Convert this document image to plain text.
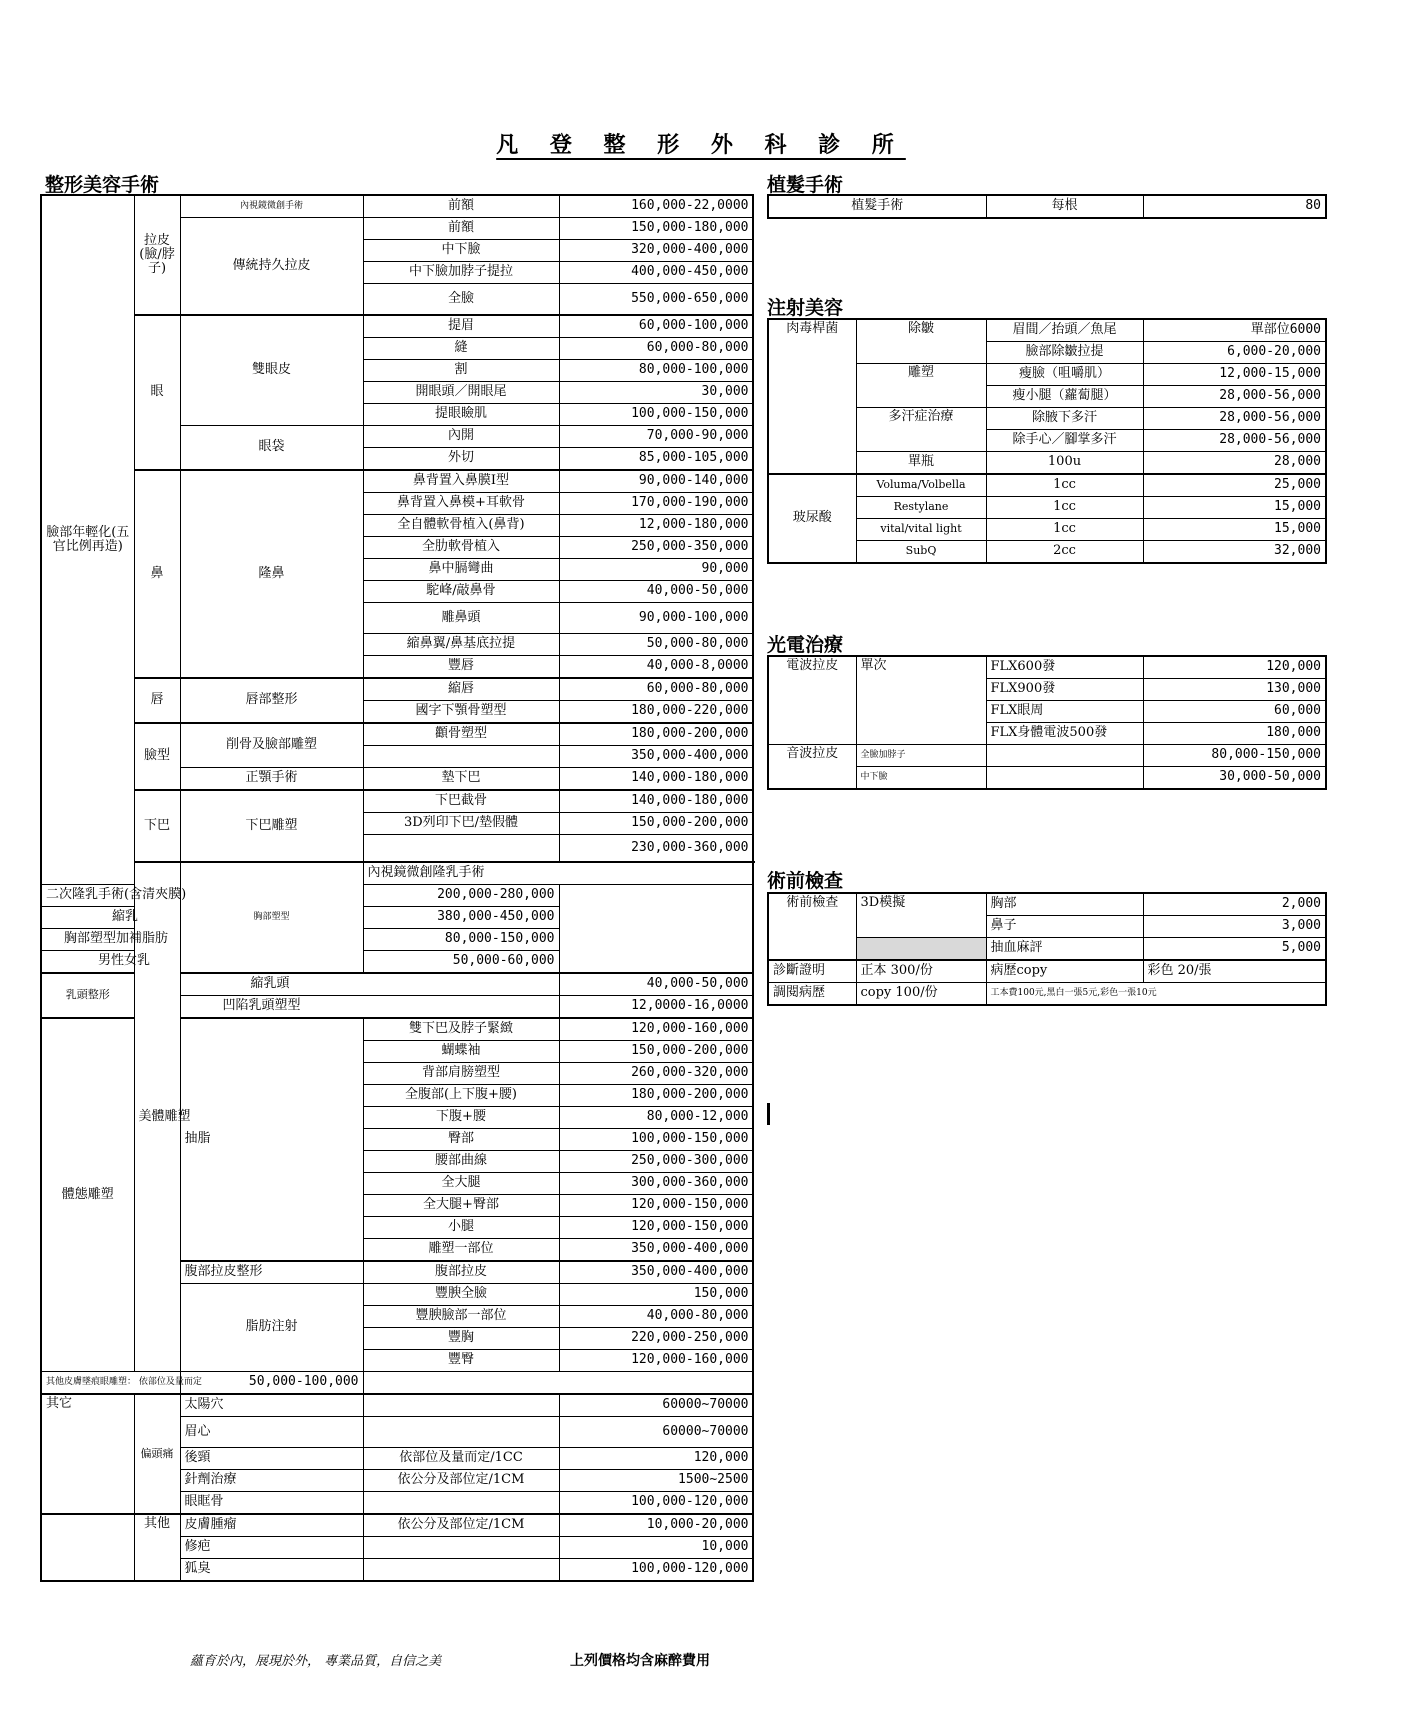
凡 登 整 形 外 科 診 所
整形美容手術	植髮手術
注射美容
光電治療
術前檢查
臉部年輕化(五官比例再造)	拉皮(臉/脖子)	內視鏡微創手術	前額	160,000-22,0000	
		傳統持久拉皮	前額	150,000-180,000	
			中下臉	320,000-400,000	
			中下臉加脖子提拉	400,000-450,000	
			全臉	550,000-650,000	
	眼	雙眼皮	提眉	60,000-100,000	
			縫	60,000-80,000	
			割	80,000-100,000	
			開眼頭／開眼尾	30,000	
			提眼瞼肌	100,000-150,000	
		眼袋	內開	70,000-90,000	
			外切	85,000-105,000	
	鼻	隆鼻	鼻背置入鼻膜I型	90,000-140,000	
			鼻背置入鼻模+耳軟骨	170,000-190,000	
			全自體軟骨植入(鼻背)	12,000-180,000	
			全肋軟骨植入	250,000-350,000	
			鼻中膈彎曲	90,000	
			駝峰/敲鼻骨	40,000-50,000	
			雕鼻頭	90,000-100,000	
			縮鼻翼/鼻基底拉提	50,000-80,000	
			豐唇	40,000-8,0000	
	唇	唇部整形	縮唇	60,000-80,000	
			國字下顎骨塑型	180,000-220,000	
	臉型	削骨及臉部雕塑	顴骨塑型	180,000-200,000	
				350,000-400,000	
		正顎手術	墊下巴	140,000-180,000	
	下巴	下巴雕塑	下巴截骨	140,000-180,000	
			3D列印下巴/墊假體	150,000-200,000	
				230,000-360,000	
	美體雕塑	胸部塑型	內視鏡微創隆乳手術	
二次隆乳手術(含清夾膜)			200,000-280,000		
縮乳			380,000-450,000		
胸部塑型加補脂肪			80,000-150,000		
男性女乳			50,000-60,000		
乳頭整形		縮乳頭		40,000-50,000	
		凹陷乳頭塑型		12,0000-16,0000	
體態雕塑		抽脂	雙下巴及脖子緊緻	120,000-160,000	
			蝴蝶袖	150,000-200,000	
			背部肩膀塑型	260,000-320,000	
			全腹部(上下腹+腰)	180,000-200,000	
			下腹+腰	80,000-12,000	
			臀部	100,000-150,000	
			腰部曲線	250,000-300,000	
			全大腿	300,000-360,000	
			全大腿+臀部	120,000-150,000	
			小腿	120,000-150,000	
			雕塑一部位	350,000-400,000	
		腹部拉皮整形	腹部拉皮	350,000-400,000	
		脂肪注射	豐腴全臉	150,000	
			豐腴臉部一部位	40,000-80,000	
			豐胸	220,000-250,000	
			豐臀	120,000-160,000	
其他皮膚墜痕眼雕塑： 依部位及量而定		50,000-100,000			
其它	偏頭痛	太陽穴		60000~70000	
		眉心		60000~70000	
		後頸	依部位及量而定/1CC	120,000	
		針劑治療	依公分及部位定/1CM	1500~2500	
		眼眶骨		100,000-120,000	
	其他	皮膚腫瘤	依公分及部位定/1CM	10,000-20,000	
		修疤		10,000	
		狐臭		100,000-120,000	
植髮手術	每根	80
肉毒桿菌	除皺	眉間／抬頭／魚尾	單部位6000
		臉部除皺拉提	6,000-20,000
	雕塑	瘦臉（咀嚼肌）	12,000-15,000
		瘦小腿（蘿蔔腿）	28,000-56,000
	多汗症治療	除腋下多汗	28,000-56,000
		除手心／腳掌多汗	28,000-56,000
	單瓶	100u	28,000
玻尿酸	Voluma/Volbella	1cc	25,000
	Restylane	1cc	15,000
	vital/vital light	1cc	15,000
	SubQ	2cc	32,000
電波拉皮	單次	FLX600發	120,000
		FLX900發	130,000
		FLX眼周	60,000
		FLX身體電波500發	180,000
音波拉皮	全臉加脖子		80,000-150,000
	中下臉		30,000-50,000
術前檢查	3D模擬	胸部	2,000
		鼻子	3,000
		抽血麻評	5,000
診斷證明	正本 300/份	病歷copy	彩色 20/張
調閱病歷	copy 100/份	工本費100元,黑白一張5元,彩色一張10元	
蘊育於內，展現於外， 專業品質，自信之美	上列價格均含麻醉費用
